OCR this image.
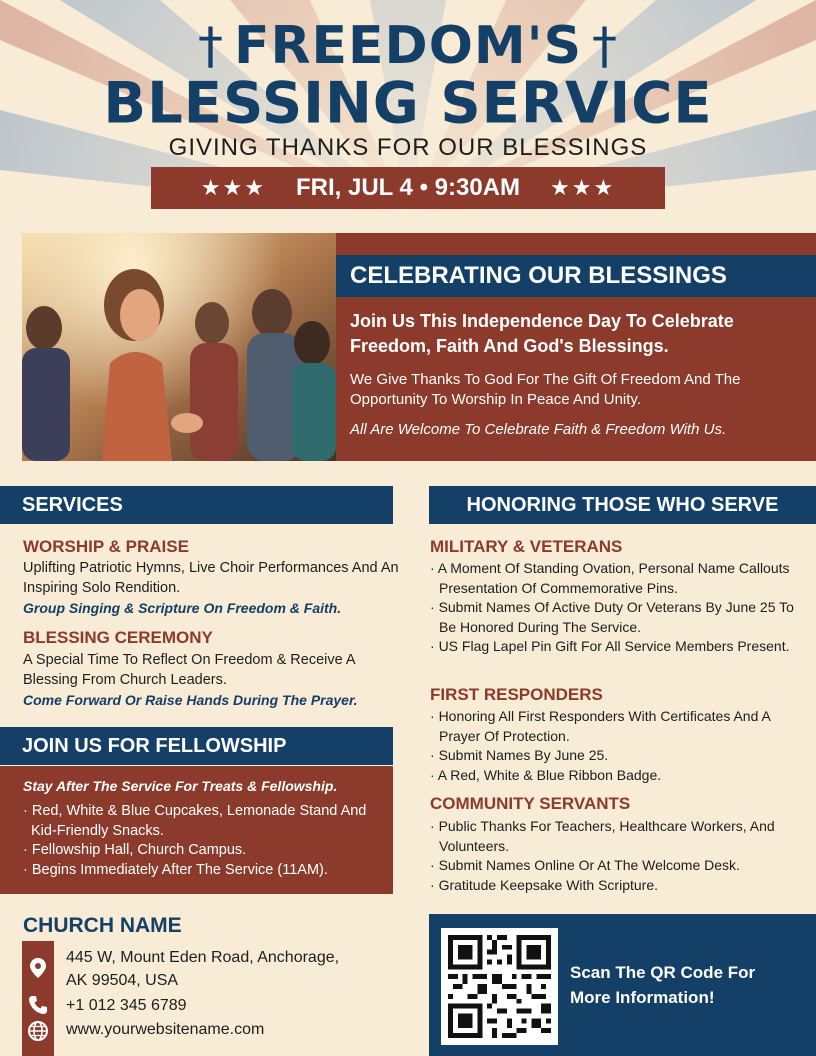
† FREEDOM'S †
BLESSING SERVICE
GIVING THANKS FOR OUR BLESSINGS
★★★ FRI, JUL 4 • 9:30AM ★★★
CELEBRATING OUR BLESSINGS
Join Us This Independence Day To Celebrate Freedom, Faith And God's Blessings.
We Give Thanks To God For The Gift Of Freedom And The Opportunity To Worship In Peace And Unity.
All Are Welcome To Celebrate Faith & Freedom With Us.
SERVICES
WORSHIP & PRAISE
Uplifting Patriotic Hymns, Live Choir Performances And An Inspiring Solo Rendition.
Group Singing & Scripture On Freedom & Faith.
BLESSING CEREMONY
A Special Time To Reflect On Freedom & Receive A Blessing From Church Leaders.
Come Forward Or Raise Hands During The Prayer.
JOIN US FOR FELLOWSHIP
Stay After The Service For Treats & Fellowship.
· Red, White & Blue Cupcakes, Lemonade Stand And Kid-Friendly Snacks.
· Fellowship Hall, Church Campus.
· Begins Immediately After The Service (11AM).
HONORING THOSE WHO SERVE
MILITARY & VETERANS
· A Moment Of Standing Ovation, Personal Name Callouts Presentation Of Commemorative Pins.
· Submit Names Of Active Duty Or Veterans By June 25 To Be Honored During The Service.
· US Flag Lapel Pin Gift For All Service Members Present.
FIRST RESPONDERS
· Honoring All First Responders With Certificates And A Prayer Of Protection.
· Submit Names By June 25.
· A Red, White & Blue Ribbon Badge.
COMMUNITY SERVANTS
· Public Thanks For Teachers, Healthcare Workers, And Volunteers.
· Submit Names Online Or At The Welcome Desk.
· Gratitude Keepsake With Scripture.
CHURCH NAME
445 W, Mount Eden Road, Anchorage,
AK 99504, USA
+1 012 345 6789
www.yourwebsitename.com
Scan The QR Code For More Information!
